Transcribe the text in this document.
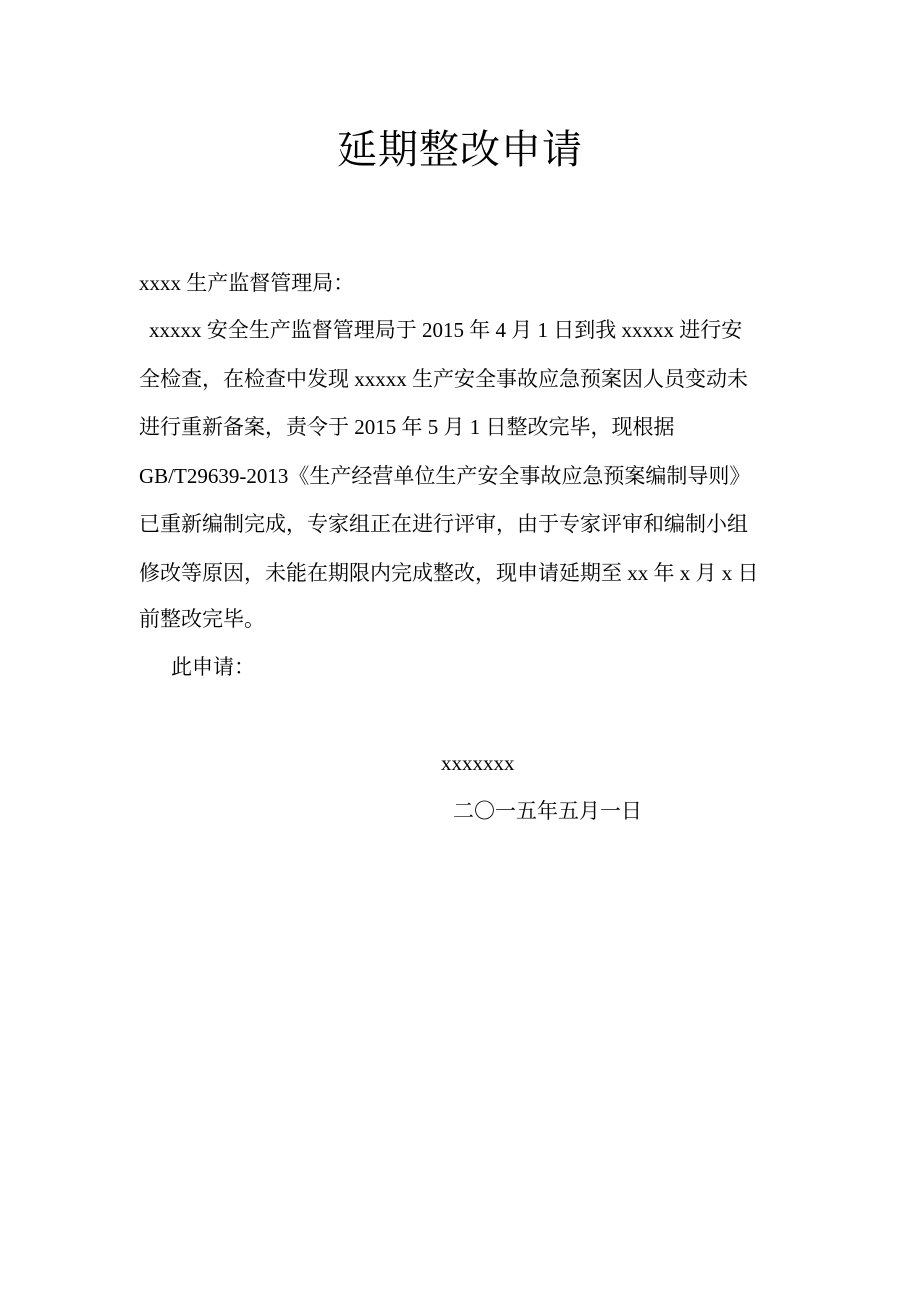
延期整改申请
xxxx 生产监督管理局：
xxxxx 安全生产监督管理局于 2015 年 4 月 1 日到我 xxxxx 进行安
全检查，在检查中发现 xxxxx 生产安全事故应急预案因人员变动未
进行重新备案，责令于 2015 年 5 月 1 日整改完毕，现根据
GB/T29639-2013《生产经营单位生产安全事故应急预案编制导则》
已重新编制完成，专家组正在进行评审，由于专家评审和编制小组
修改等原因，未能在期限内完成整改，现申请延期至 xx 年 x 月 x 日
前整改完毕。
此申请：
xxxxxxx
二〇一五年五月一日
